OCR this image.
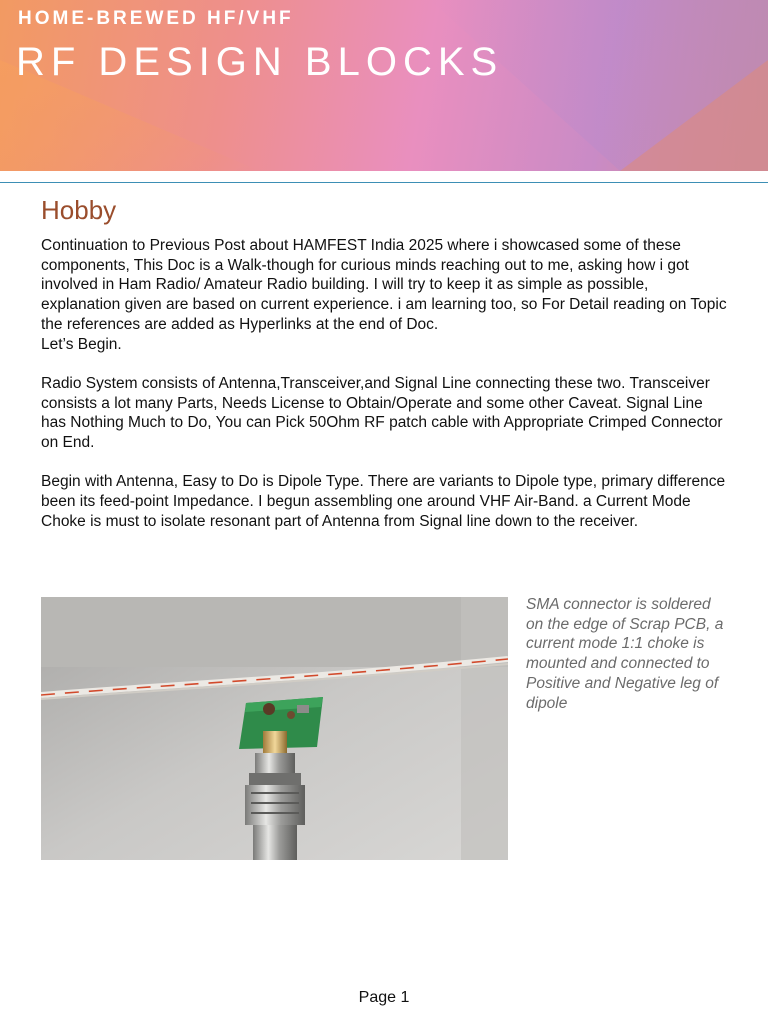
HOME-BREWED HF/VHF
RF DESIGN BLOCKS
Hobby

Continuation to Previous Post about HAMFEST India 2025 where i showcased some of these components, This Doc is a Walk-though for curious minds reaching out to me, asking how i got involved in Ham Radio/ Amateur Radio building. I will try to keep it as simple as possible, explanation given are based on current experience. i am learning too, so For Detail reading on Topic the references are added as Hyperlinks at the end of Doc.

Let’s Begin.

Radio System consists of Antenna,Transceiver,and Signal Line connecting these two. Transceiver consists a lot many Parts, Needs License to Obtain/Operate and some other Caveat. Signal Line has Nothing Much to Do, You can Pick 50Ohm RF patch cable with Appropriate Crimped Connector on End.

Begin with Antenna, Easy to Do is Dipole Type. There are variants to Dipole type, primary difference been its feed-point Impedance. I begun assembling one around VHF Air-Band. a Current Mode Choke is must to isolate resonant part of Antenna from Signal line down to the receiver.

SMA connector is soldered on the edge of Scrap PCB, a current mode 1:1 choke is mounted and connected to Positive and Negative leg of dipole
Page 1
